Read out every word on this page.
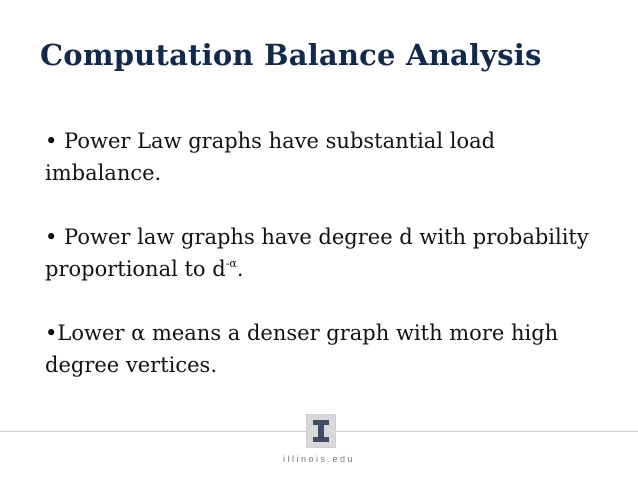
Computation Balance Analysis

• Power Law graphs have substantial load imbalance.

• Power law graphs have degree d with probability proportional to $d^{-\alpha}$.

•Lower α means a denser graph with more high degree vertices.

illinois.edu
